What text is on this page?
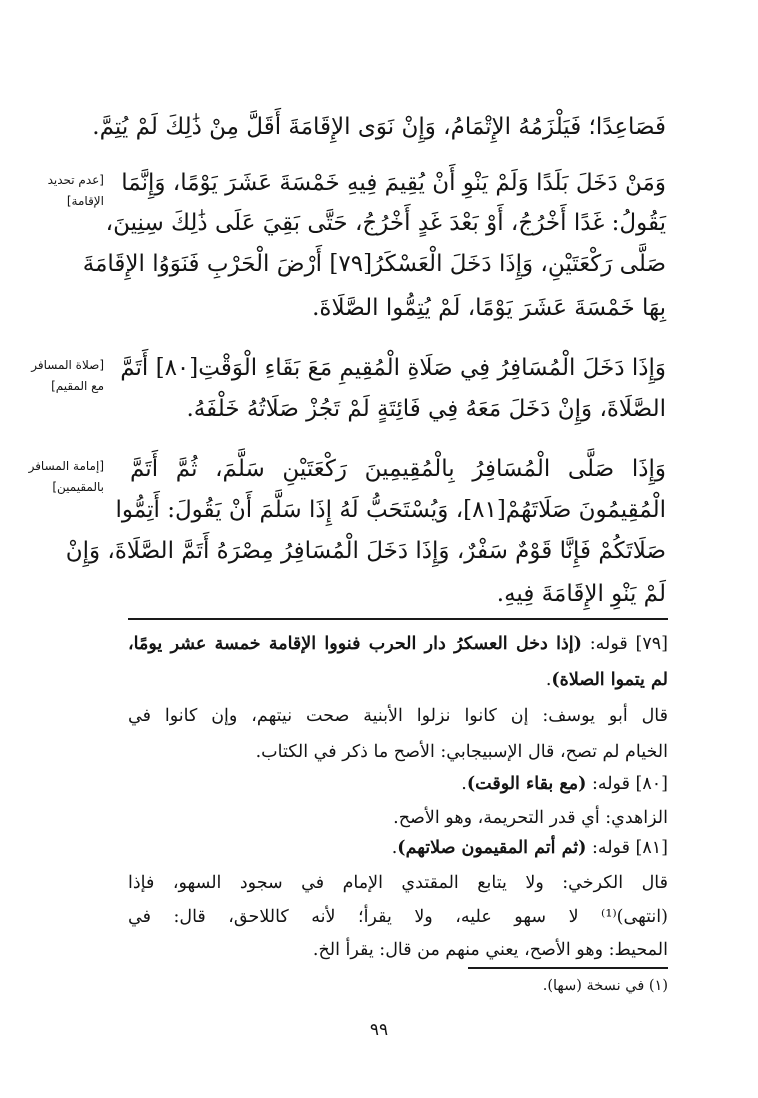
فَصَاعِدًا؛ فَيَلْزَمُهُ الإِتْمَامُ، وَإِنْ نَوَى الإِقَامَةَ أَقَلَّ مِنْ ذَٰلِكَ لَمْ يُتِمَّ.
وَمَنْ دَخَلَ بَلَدًا وَلَمْ يَنْوِ أَنْ يُقِيمَ فِيهِ خَمْسَةَ عَشَرَ يَوْمًا، وَإِنَّمَا
يَقُولُ: غَدًا أَخْرُجُ، أَوْ بَعْدَ غَدٍ أَخْرُجُ، حَتَّى بَقِيَ عَلَى ذَٰلِكَ سِنِينَ،
صَلَّى رَكْعَتَيْنِ، وَإِذَا دَخَلَ الْعَسْكَرُ[٧٩] أَرْضَ الْحَرْبِ فَنَوَوُا الإِقَامَةَ
بِهَا خَمْسَةَ عَشَرَ يَوْمًا، لَمْ يُتِمُّوا الصَّلَاةَ.
وَإِذَا دَخَلَ الْمُسَافِرُ فِي صَلَاةِ الْمُقِيمِ مَعَ بَقَاءِ الْوَقْتِ[٨٠] أَتَمَّ
الصَّلَاةَ، وَإِنْ دَخَلَ مَعَهُ فِي فَائِتَةٍ لَمْ تَجُزْ صَلَاتُهُ خَلْفَهُ.
وَإِذَا صَلَّى الْمُسَافِرُ بِالْمُقِيمِينَ رَكْعَتَيْنِ سَلَّمَ، ثُمَّ أَتَمَّ
الْمُقِيمُونَ صَلَاتَهُمْ[٨١]، وَيُسْتَحَبُّ لَهُ إِذَا سَلَّمَ أَنْ يَقُولَ: أَتِمُّوا
صَلَاتَكُمْ فَإِنَّا قَوْمٌ سَفْرٌ، وَإِذَا دَخَلَ الْمُسَافِرُ مِصْرَهُ أَتَمَّ الصَّلَاةَ، وَإِنْ
لَمْ يَنْوِ الإِقَامَةَ فِيهِ.
[عدم تحديد
الإقامة]
[صلاة المسافر
مع المقيم]
[إمامة المسافر
بالمقيمين]
[٧٩] قوله: (إذا دخل العسكرُ دار الحرب فنووا الإقامة خمسة عشر يومًا،
لم يتموا الصلاة).
قال أبو يوسف: إن كانوا نزلوا الأبنية صحت نيتهم، وإن كانوا في
الخيام لم تصح، قال الإسبيجابي: الأصح ما ذكر في الكتاب.
[٨٠] قوله: (مع بقاء الوقت).
الزاهدي: أي قدر التحريمة، وهو الأصح.
[٨١] قوله: (ثم أتم المقيمون صلاتهم).
قال الكرخي: ولا يتابع المقتدي الإمام في سجود السهو، فإذا
(انتهى)⁽¹⁾ لا سهو عليه، ولا يقرأ؛ لأنه كاللاحق، قال: في
المحيط: وهو الأصح، يعني منهم من قال: يقرأ الخ.
(١) في نسخة (سها).
٩٩
